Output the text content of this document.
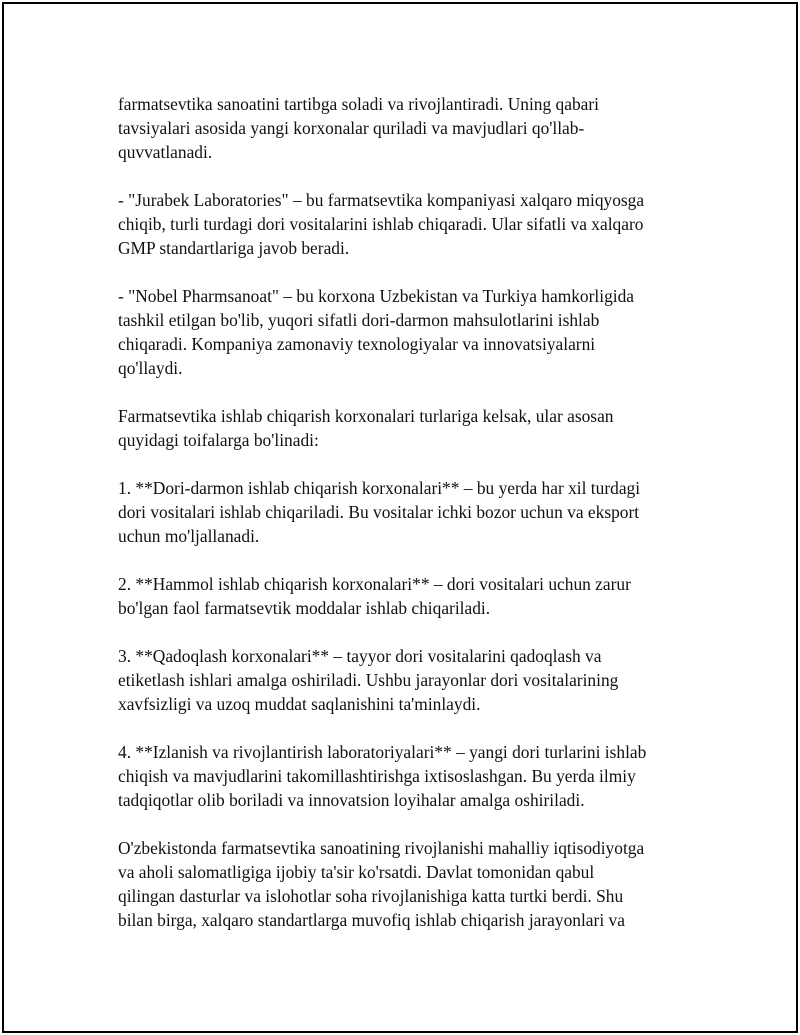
farmatsevtika sanoatini tartibga soladi va rivojlantiradi. Uning qabari
tavsiyalari asosida yangi korxonalar quriladi va mavjudlari qo'llab-
quvvatlanadi.

- "Jurabek Laboratories" – bu farmatsevtika kompaniyasi xalqaro miqyosga
chiqib, turli turdagi dori vositalarini ishlab chiqaradi. Ular sifatli va xalqaro
GMP standartlariga javob beradi.

- "Nobel Pharmsanoat" – bu korxona Uzbekistan va Turkiya hamkorligida
tashkil etilgan bo'lib, yuqori sifatli dori-darmon mahsulotlarini ishlab
chiqaradi. Kompaniya zamonaviy texnologiyalar va innovatsiyalarni
qo'llaydi.

Farmatsevtika ishlab chiqarish korxonalari turlariga kelsak, ular asosan
quyidagi toifalarga bo'linadi:

1. **Dori-darmon ishlab chiqarish korxonalari** – bu yerda har xil turdagi
dori vositalari ishlab chiqariladi. Bu vositalar ichki bozor uchun va eksport
uchun mo'ljallanadi.

2. **Hammol ishlab chiqarish korxonalari** – dori vositalari uchun zarur
bo'lgan faol farmatsevtik moddalar ishlab chiqariladi.

3. **Qadoqlash korxonalari** – tayyor dori vositalarini qadoqlash va
etiketlash ishlari amalga oshiriladi. Ushbu jarayonlar dori vositalarining
xavfsizligi va uzoq muddat saqlanishini ta'minlaydi.

4. **Izlanish va rivojlantirish laboratoriyalari** – yangi dori turlarini ishlab
chiqish va mavjudlarini takomillashtirishga ixtisoslashgan. Bu yerda ilmiy
tadqiqotlar olib boriladi va innovatsion loyihalar amalga oshiriladi.

O'zbekistonda farmatsevtika sanoatining rivojlanishi mahalliy iqtisodiyotga
va aholi salomatligiga ijobiy ta'sir ko'rsatdi. Davlat tomonidan qabul
qilingan dasturlar va islohotlar soha rivojlanishiga katta turtki berdi. Shu
bilan birga, xalqaro standartlarga muvofiq ishlab chiqarish jarayonlari va
